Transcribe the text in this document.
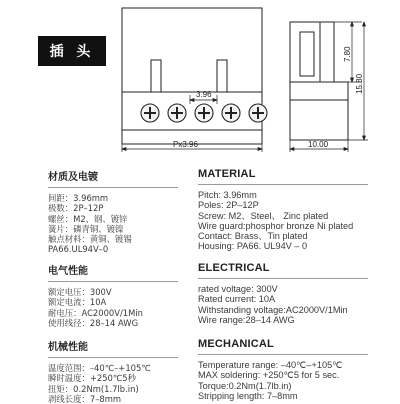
插 头
3.96
Px3.96
7.80
15.80
10.00
材质及电镀
间距：3.96mm
极数：2P–12P
螺丝：M2、钢、镀锌
簧片：磷青铜、镀镍
触点材料：黄铜、镀锡
PA66.UL94V–0
电气性能
额定电压：300V
额定电流：10A
耐电压：AC2000V/1Min
使用线径：28–14 AWG
机械性能
温度范围：–40℃–+105℃
瞬时温度：+250℃5秒
扭矩：0.2Nm(1.7lb.in)
剥线长度：7–8mm
MATERIAL
Pitch: 3.96mm
Poles: 2P–12P
Screw: M2、Steel、 Zinc plated
Wire guard:phosphor bronze Ni plated
Contact: Brass、Tin plated
Housing: PA66. UL94V – 0
ELECTRICAL
rated voltage: 300V
Rated current: 10A
Withstanding voltage:AC2000V/1Min
Wire range:28–14 AWG
MECHANICAL
Temperature range: –40℃–+105℃
MAX soldering: +250℃5 for 5 sec.
Torque:0.2Nm(1.7lb.in)
Stripping length: 7–8mm
